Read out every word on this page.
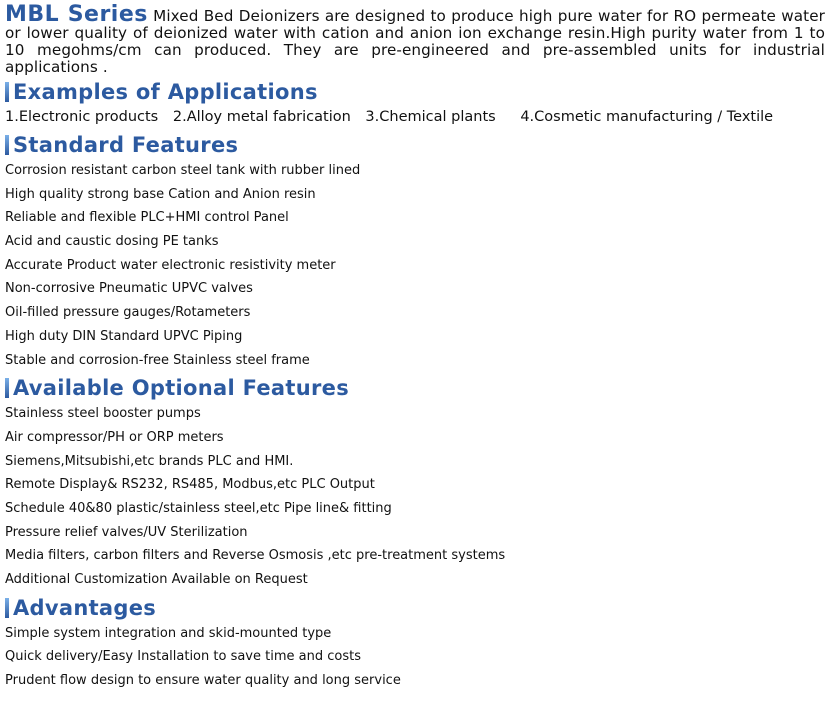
MBL Series Mixed Bed Deionizers are designed to produce high pure water for RO permeate water or lower quality of deionized water with cation and anion ion exchange resin.High purity water from 1 to 10 megohms/cm can produced. They are pre-engineered and pre-assembled units for industrial applications .

Examples of Applications
1.Electronic products 2.Alloy metal fabrication 3.Chemical plants 4.Cosmetic manufacturing / Textile
Standard Features
Corrosion resistant carbon steel tank with rubber lined
High quality strong base Cation and Anion resin
Reliable and flexible PLC+HMI control Panel
Acid and caustic dosing PE tanks
Accurate Product water electronic resistivity meter
Non-corrosive Pneumatic UPVC valves
Oil-filled pressure gauges/Rotameters
High duty DIN Standard UPVC Piping
Stable and corrosion-free Stainless steel frame
Available Optional Features
Stainless steel booster pumps
Air compressor/PH or ORP meters
Siemens,Mitsubishi,etc brands PLC and HMI.
Remote Display& RS232, RS485, Modbus,etc PLC Output
Schedule 40&80 plastic/stainless steel,etc Pipe line& fitting
Pressure relief valves/UV Sterilization
Media filters, carbon filters and Reverse Osmosis ,etc pre-treatment systems
Additional Customization Available on Request
Advantages
Simple system integration and skid-mounted type
Quick delivery/Easy Installation to save time and costs
Prudent flow design to ensure water quality and long service
